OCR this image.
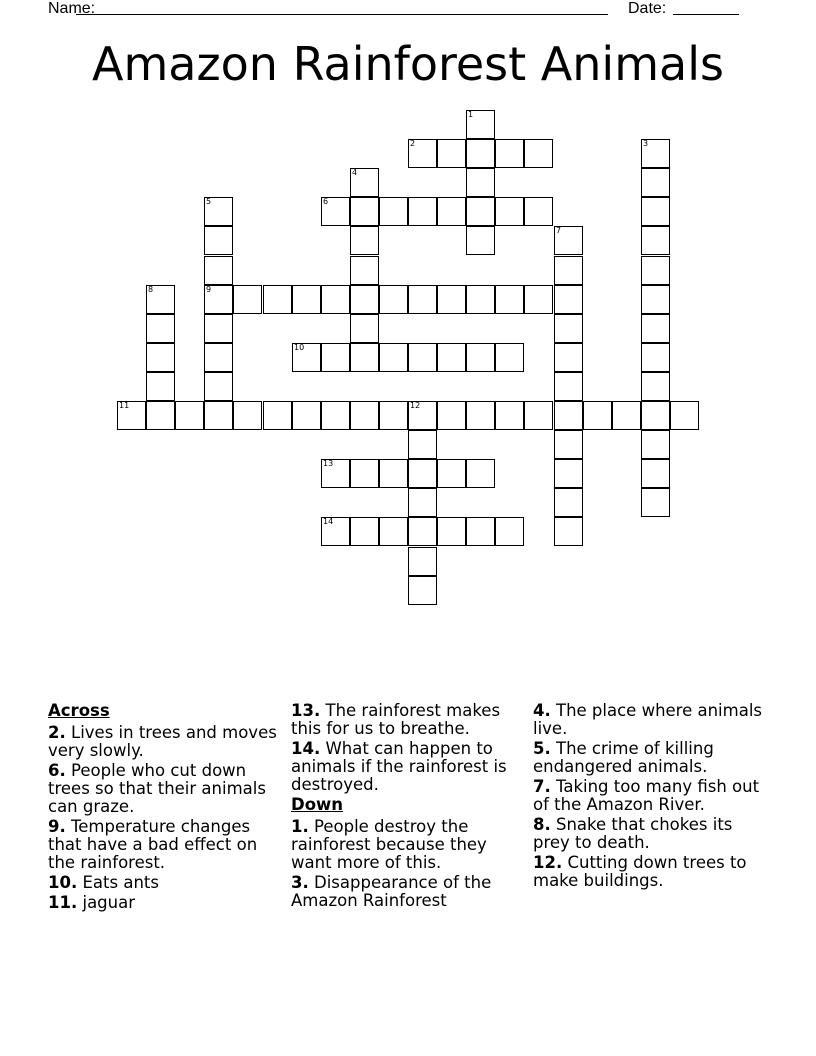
Name:	Date:
Amazon Rainforest Animals
1
2	3
4
5
9
6
7
8
10
11	12
13
14
Across
2. Lives in trees and moves very slowly.
6. People who cut down trees so that their animals can graze.
9. Temperature changes that have a bad effect on the rainforest.
10. Eats ants
11. jaguar
13. The rainforest makes this for us to breathe.
14. What can happen to animals if the rainforest is destroyed.
Down
1. People destroy the rainforest because they want more of this.
3. Disappearance of the Amazon Rainforest
4. The place where animals live.
5. The crime of killing endangered animals.
7. Taking too many fish out of the Amazon River.
8. Snake that chokes its prey to death.
12. Cutting down trees to make buildings.
